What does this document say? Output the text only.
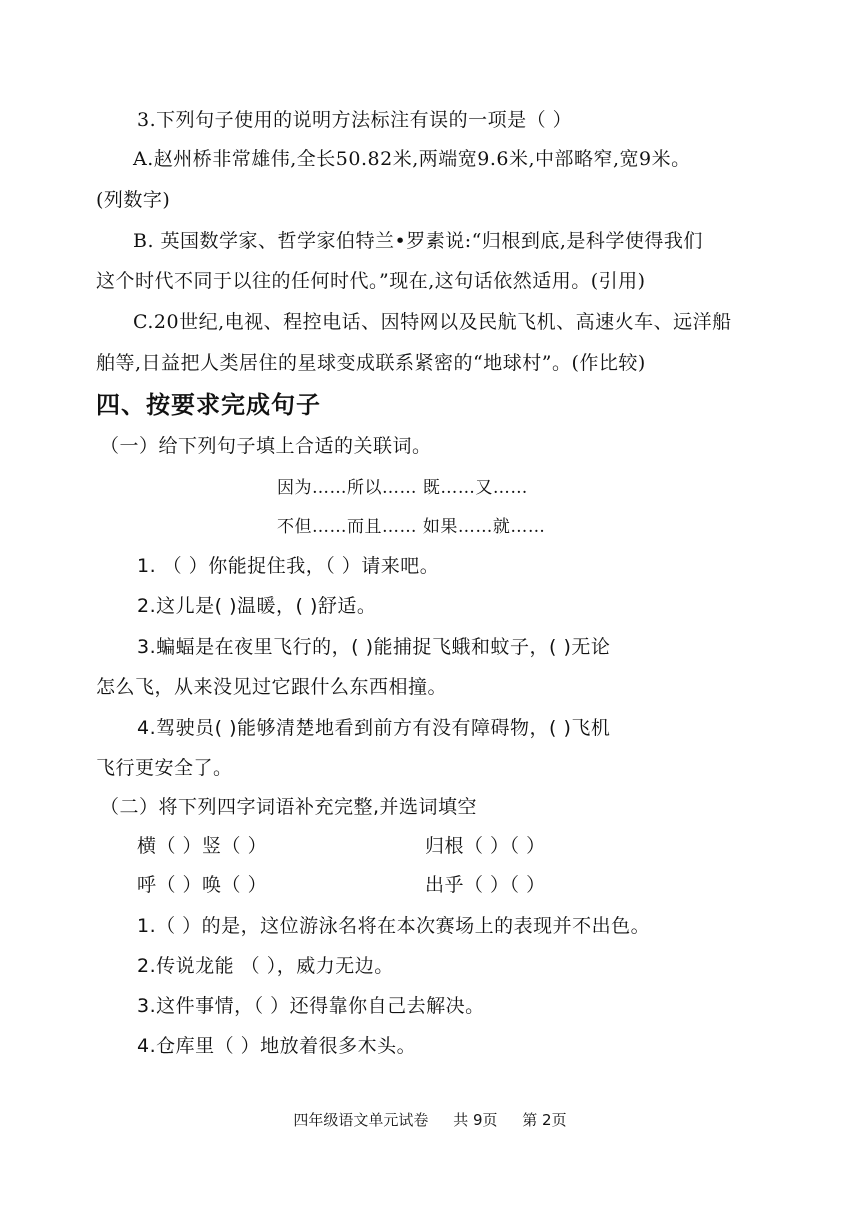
3.下列句子使用的说明方法标注有误的一项是（ ）
A.赵州桥非常雄伟,全长50.82米,两端宽9.6米,中部略窄,宽9米。
(列数字)
B. 英国数学家、哲学家伯特兰•罗素说:“归根到底,是科学使得我们
这个时代不同于以往的任何时代。”现在,这句话依然适用。(引用)
C.20世纪,电视、程控电话、因特网以及民航飞机、高速火车、远洋船
舶等,日益把人类居住的星球变成联系紧密的“地球村”。(作比较)
四、按要求完成句子
（一）给下列句子填上合适的关联词。
因为……所以…… 既……又……
不但……而且…… 如果……就……
1. （ ）你能捉住我，（ ）请来吧。
2.这儿是( )温暖，( )舒适。
3.蝙蝠是在夜里飞行的，( )能捕捉飞蛾和蚊子，( )无论
怎么飞，从来没见过它跟什么东西相撞。
4.驾驶员( )能够清楚地看到前方有没有障碍物，( )飞机
飞行更安全了。
（二）将下列四字词语补充完整,并选词填空
横（ ）竖（ ）	归根（ ）（ ）
呼（ ）唤（ ）	出乎（ ）（ ）
1.（ ）的是，这位游泳名将在本次赛场上的表现并不出色。
2.传说龙能 （ ），威力无边。
3.这件事情，（ ）还得靠你自己去解决。
4.仓库里（ ）地放着很多木头。
四年级语文单元试卷 共 9页 第 2页
